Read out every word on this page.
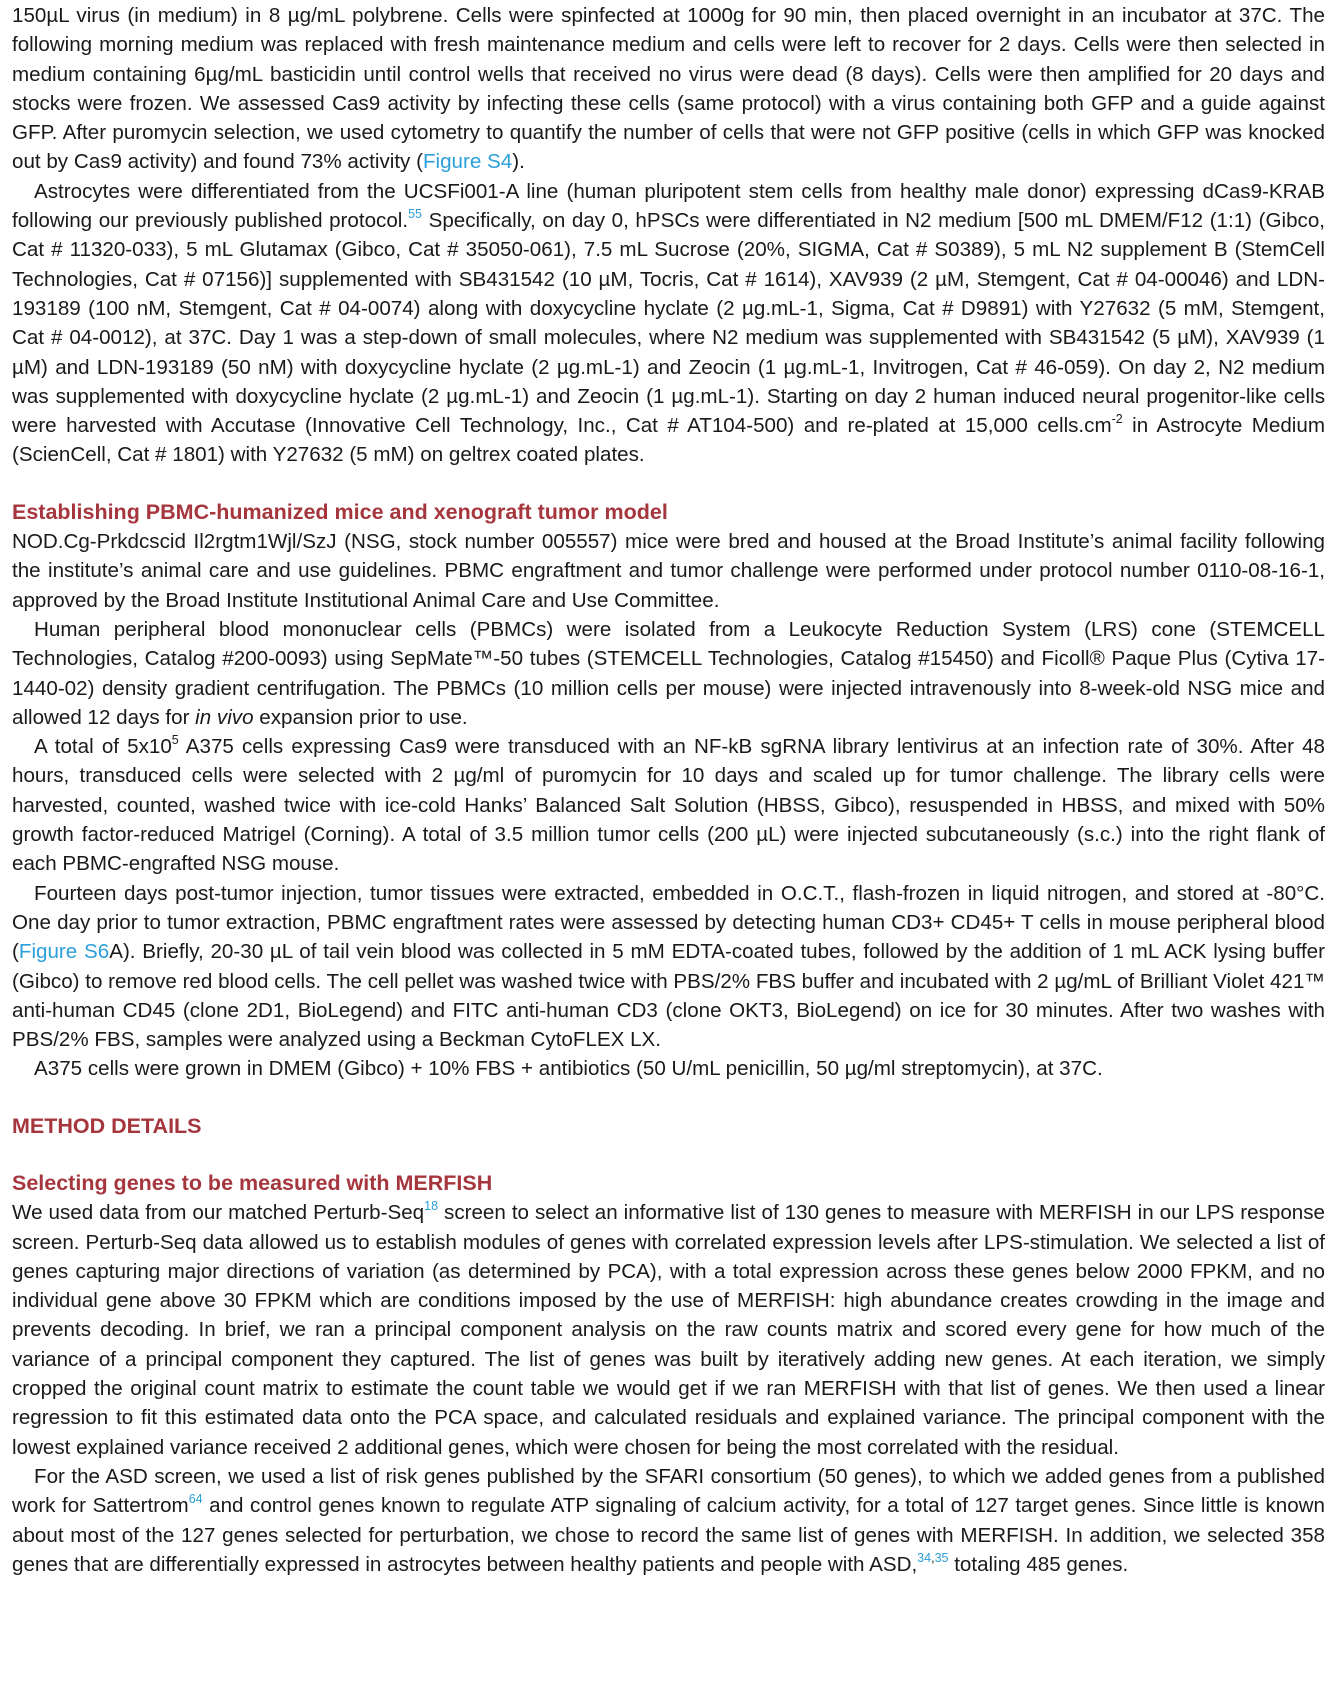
150µL virus (in medium) in 8 µg/mL polybrene. Cells were spinfected at 1000g for 90 min, then placed overnight in an incubator at 37C. The following morning medium was replaced with fresh maintenance medium and cells were left to recover for 2 days. Cells were then selected in medium containing 6µg/mL basticidin until control wells that received no virus were dead (8 days). Cells were then amplified for 20 days and stocks were frozen. We assessed Cas9 activity by infecting these cells (same protocol) with a virus containing both GFP and a guide against GFP. After puromycin selection, we used cytometry to quantify the number of cells that were not GFP positive (cells in which GFP was knocked out by Cas9 activity) and found 73% activity (Figure S4).

Astrocytes were differentiated from the UCSFi001-A line (human pluripotent stem cells from healthy male donor) expressing dCas9-KRAB following our previously published protocol.$^{55}$ Specifically, on day 0, hPSCs were differentiated in N2 medium [500 mL DMEM/F12 (1:1) (Gibco, Cat # 11320-033), 5 mL Glutamax (Gibco, Cat # 35050-061), 7.5 mL Sucrose (20%, SIGMA, Cat # S0389), 5 mL N2 supplement B (StemCell Technologies, Cat # 07156)] supplemented with SB431542 (10 µM, Tocris, Cat # 1614), XAV939 (2 µM, Stemgent, Cat # 04-00046) and LDN-193189 (100 nM, Stemgent, Cat # 04-0074) along with doxycycline hyclate (2 µg.mL-1, Sigma, Cat # D9891) with Y27632 (5 mM, Stemgent, Cat # 04-0012), at 37C. Day 1 was a step-down of small molecules, where N2 medium was supplemented with SB431542 (5 µM), XAV939 (1 µM) and LDN-193189 (50 nM) with doxycycline hyclate (2 µg.mL-1) and Zeocin (1 µg.mL-1, Invitrogen, Cat # 46-059). On day 2, N2 medium was supplemented with doxycycline hyclate (2 µg.mL-1) and Zeocin (1 µg.mL-1). Starting on day 2 human induced neural progenitor-like cells were harvested with Accutase (Innovative Cell Technology, Inc., Cat # AT104-500) and re-plated at 15,000 $cells.cm^{-2}$ in Astrocyte Medium (ScienCell, Cat # 1801) with Y27632 (5 mM) on geltrex coated plates.

Establishing PBMC-humanized mice and xenograft tumor model

NOD.Cg-Prkdcscid Il2rgtm1Wjl/SzJ (NSG, stock number 005557) mice were bred and housed at the Broad Institute’s animal facility following the institute’s animal care and use guidelines. PBMC engraftment and tumor challenge were performed under protocol number 0110-08-16-1, approved by the Broad Institute Institutional Animal Care and Use Committee.

Human peripheral blood mononuclear cells (PBMCs) were isolated from a Leukocyte Reduction System (LRS) cone (STEMCELL Technologies, Catalog #200-0093) using SepMate™-50 tubes (STEMCELL Technologies, Catalog #15450) and Ficoll® Paque Plus (Cytiva 17-1440-02) density gradient centrifugation. The PBMCs (10 million cells per mouse) were injected intravenously into 8-week-old NSG mice and allowed 12 days for in vivo expansion prior to use.

A total of $5x10^5$ A375 cells expressing Cas9 were transduced with an NF-kB sgRNA library lentivirus at an infection rate of 30%. After 48 hours, transduced cells were selected with 2 µg/ml of puromycin for 10 days and scaled up for tumor challenge. The library cells were harvested, counted, washed twice with ice-cold Hanks’ Balanced Salt Solution (HBSS, Gibco), resuspended in HBSS, and mixed with 50% growth factor-reduced Matrigel (Corning). A total of 3.5 million tumor cells (200 µL) were injected subcutaneously (s.c.) into the right flank of each PBMC-engrafted NSG mouse.

Fourteen days post-tumor injection, tumor tissues were extracted, embedded in O.C.T., flash-frozen in liquid nitrogen, and stored at -80°C. One day prior to tumor extraction, PBMC engraftment rates were assessed by detecting human CD3+ CD45+ T cells in mouse peripheral blood (Figure S6A). Briefly, 20-30 µL of tail vein blood was collected in 5 mM EDTA-coated tubes, followed by the addition of 1 mL ACK lysing buffer (Gibco) to remove red blood cells. The cell pellet was washed twice with PBS/2% FBS buffer and incubated with 2 µg/mL of Brilliant Violet 421™ anti-human CD45 (clone 2D1, BioLegend) and FITC anti-human CD3 (clone OKT3, BioLegend) on ice for 30 minutes. After two washes with PBS/2% FBS, samples were analyzed using a Beckman CytoFLEX LX.

A375 cells were grown in DMEM (Gibco) + 10% FBS + antibiotics (50 U/mL penicillin, 50 µg/ml streptomycin), at 37C.

METHOD DETAILS
Selecting genes to be measured with MERFISH

We used data from our matched Perturb-Seq$^{18}$ screen to select an informative list of 130 genes to measure with MERFISH in our LPS response screen. Perturb-Seq data allowed us to establish modules of genes with correlated expression levels after LPS-stimulation. We selected a list of genes capturing major directions of variation (as determined by PCA), with a total expression across these genes below 2000 FPKM, and no individual gene above 30 FPKM which are conditions imposed by the use of MERFISH: high abundance creates crowding in the image and prevents decoding. In brief, we ran a principal component analysis on the raw counts matrix and scored every gene for how much of the variance of a principal component they captured. The list of genes was built by iteratively adding new genes. At each iteration, we simply cropped the original count matrix to estimate the count table we would get if we ran MERFISH with that list of genes. We then used a linear regression to fit this estimated data onto the PCA space, and calculated residuals and explained variance. The principal component with the lowest explained variance received 2 additional genes, which were chosen for being the most correlated with the residual.

For the ASD screen, we used a list of risk genes published by the SFARI consortium (50 genes), to which we added genes from a published work for Sattertrom$^{64}$ and control genes known to regulate ATP signaling of calcium activity, for a total of 127 target genes. Since little is known about most of the 127 genes selected for perturbation, we chose to record the same list of genes with MERFISH. In addition, we selected 358 genes that are differentially expressed in astrocytes between healthy patients and people with ASD,$^{34,35}$ totaling 485 genes.
